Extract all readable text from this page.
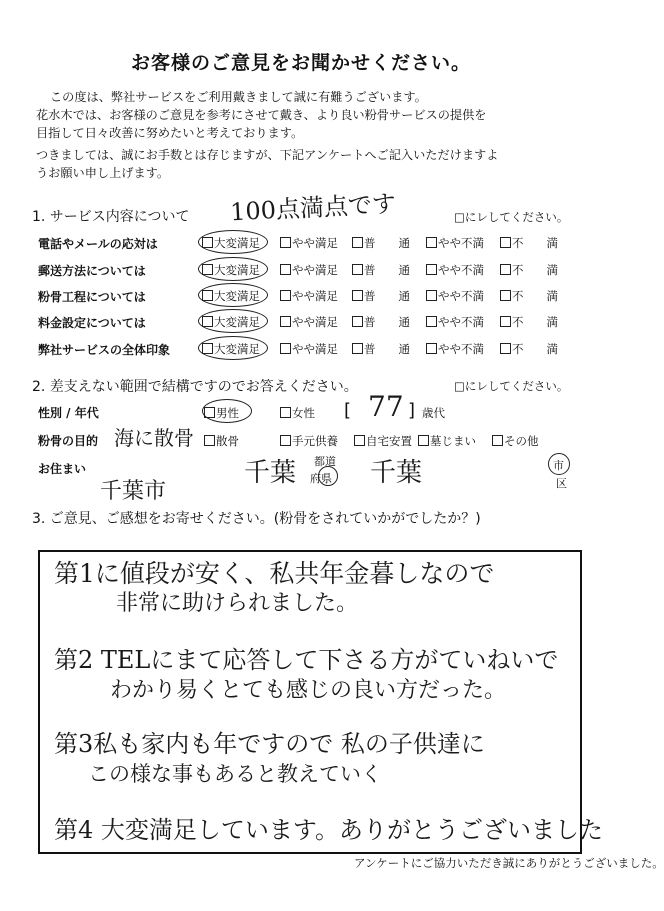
お客様のご意見をお聞かせください。

この度は、弊社サービスをご利用戴きまして誠に有難うございます。

花水木では、お客様のご意見を参考にさせて戴き、より良い粉骨サービスの提供を

目指して日々改善に努めたいと考えております。

つきましては、誠にお手数とは存じますが、下記アンケートへご記入いただけますよ

うお願い申し上げます。

1. サービス内容について 100点満点です	□にレしてください。
電話やメールの応対は	大変満足	やや満足	普　　通	やや不満	不　　満
郵送方法については	大変満足	やや満足	普　　通	やや不満	不　　満
粉骨工程については	大変満足	やや満足	普　　通	やや不満	不　　満
料金設定については	大変満足	やや満足	普　　通	やや不満	不　　満
弊社サービスの全体印象	大変満足	やや満足	普　　通	やや不満	不　　満
2. 差支えない範囲で結構ですのでお答えください。	□にレしてください。
性別 / 年代	男性	女性 [ 77 ] 歳代
粉骨の目的 海に散骨	散骨	手元供養	自宅安置	墓じまい	その他
お住まい
千葉市
千葉 都道
府県 千葉	市
区
3. ご意見、ご感想をお寄せください。(粉骨をされていかがでしたか？)
第1に値段が安く、私共年金暮しなので
非常に助けられました。
第2 TELにまて応答して下さる方がていねいで
わかり易くとても感じの良い方だった。
第3私も家内も年ですので 私の子供達に
この様な事もあると教えていく
第4 大変満足しています。ありがとうございました
アンケートにご協力いただき誠にありがとうございました。
